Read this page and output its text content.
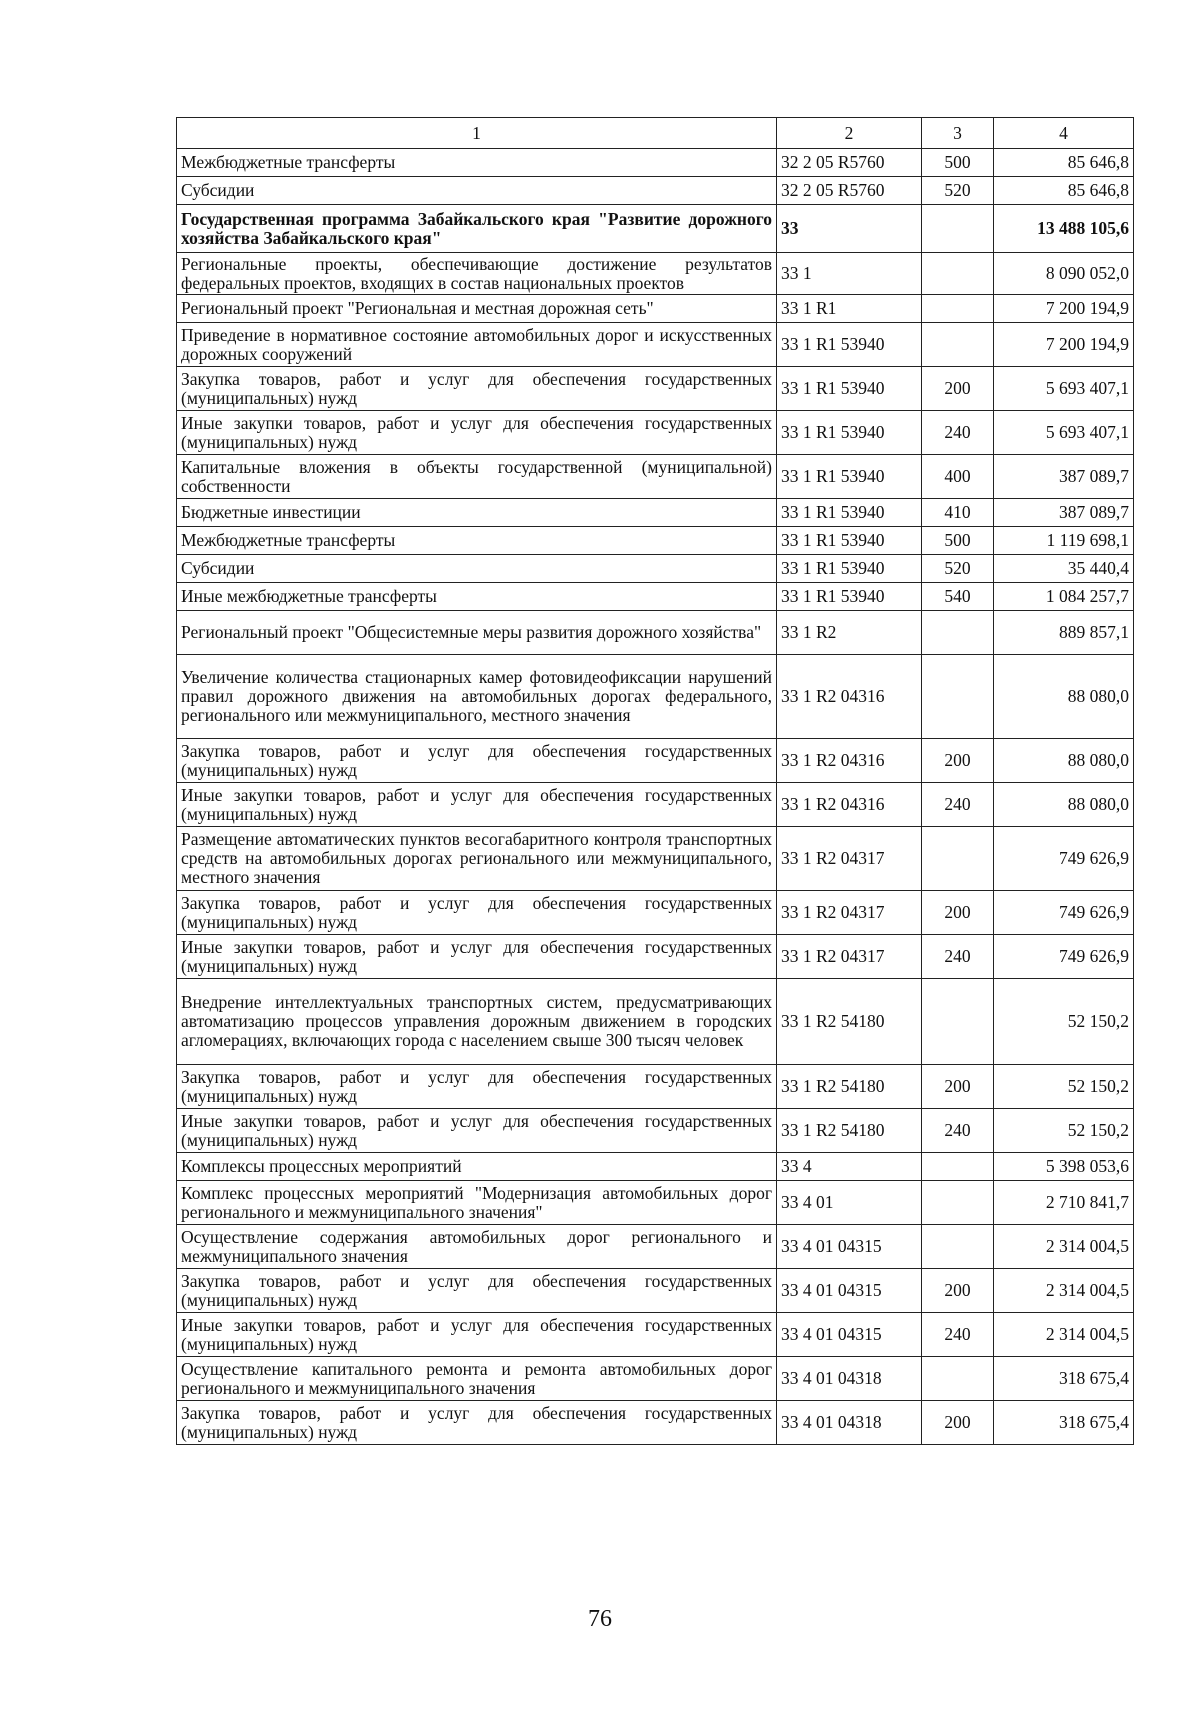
1	2	3	4
Межбюджетные трансферты	32 2 05 R5760	500	85 646,8
Субсидии	32 2 05 R5760	520	85 646,8
Государственная программа Забайкальского края "Развитие дорожного хозяйства Забайкальского края"	33		13 488 105,6
Региональные проекты, обеспечивающие достижение результатов федеральных проектов, входящих в состав национальных проектов	33 1		8 090 052,0
Региональный проект "Региональная и местная дорожная сеть"	33 1 R1		7 200 194,9
Приведение в нормативное состояние автомобильных дорог и искусственных дорожных сооружений	33 1 R1 53940		7 200 194,9
Закупка товаров, работ и услуг для обеспечения государственных (муниципальных) нужд	33 1 R1 53940	200	5 693 407,1
Иные закупки товаров, работ и услуг для обеспечения государственных (муниципальных) нужд	33 1 R1 53940	240	5 693 407,1
Капитальные вложения в объекты государственной (муниципальной) собственности	33 1 R1 53940	400	387 089,7
Бюджетные инвестиции	33 1 R1 53940	410	387 089,7
Межбюджетные трансферты	33 1 R1 53940	500	1 119 698,1
Субсидии	33 1 R1 53940	520	35 440,4
Иные межбюджетные трансферты	33 1 R1 53940	540	1 084 257,7
Региональный проект "Общесистемные меры развития дорожного хозяйства"	33 1 R2		889 857,1
Увеличение количества стационарных камер фотовидеофиксации нарушений правил дорожного движения на автомобильных дорогах федерального, регионального или межмуниципального, местного значения	33 1 R2 04316		88 080,0
Закупка товаров, работ и услуг для обеспечения государственных (муниципальных) нужд	33 1 R2 04316	200	88 080,0
Иные закупки товаров, работ и услуг для обеспечения государственных (муниципальных) нужд	33 1 R2 04316	240	88 080,0
Размещение автоматических пунктов весогабаритного контроля транспортных средств на автомобильных дорогах регионального или межмуниципального, местного значения	33 1 R2 04317		749 626,9
Закупка товаров, работ и услуг для обеспечения государственных (муниципальных) нужд	33 1 R2 04317	200	749 626,9
Иные закупки товаров, работ и услуг для обеспечения государственных (муниципальных) нужд	33 1 R2 04317	240	749 626,9
Внедрение интеллектуальных транспортных систем, предусматривающих автоматизацию процессов управления дорожным движением в городских агломерациях, включающих города с населением свыше 300 тысяч человек	33 1 R2 54180		52 150,2
Закупка товаров, работ и услуг для обеспечения государственных (муниципальных) нужд	33 1 R2 54180	200	52 150,2
Иные закупки товаров, работ и услуг для обеспечения государственных (муниципальных) нужд	33 1 R2 54180	240	52 150,2
Комплексы процессных мероприятий	33 4		5 398 053,6
Комплекс процессных мероприятий "Модернизация автомобильных дорог регионального и межмуниципального значения"	33 4 01		2 710 841,7
Осуществление содержания автомобильных дорог регионального и межмуниципального значения	33 4 01 04315		2 314 004,5
Закупка товаров, работ и услуг для обеспечения государственных (муниципальных) нужд	33 4 01 04315	200	2 314 004,5
Иные закупки товаров, работ и услуг для обеспечения государственных (муниципальных) нужд	33 4 01 04315	240	2 314 004,5
Осуществление капитального ремонта и ремонта автомобильных дорог регионального и межмуниципального значения	33 4 01 04318		318 675,4
Закупка товаров, работ и услуг для обеспечения государственных (муниципальных) нужд	33 4 01 04318	200	318 675,4
76
